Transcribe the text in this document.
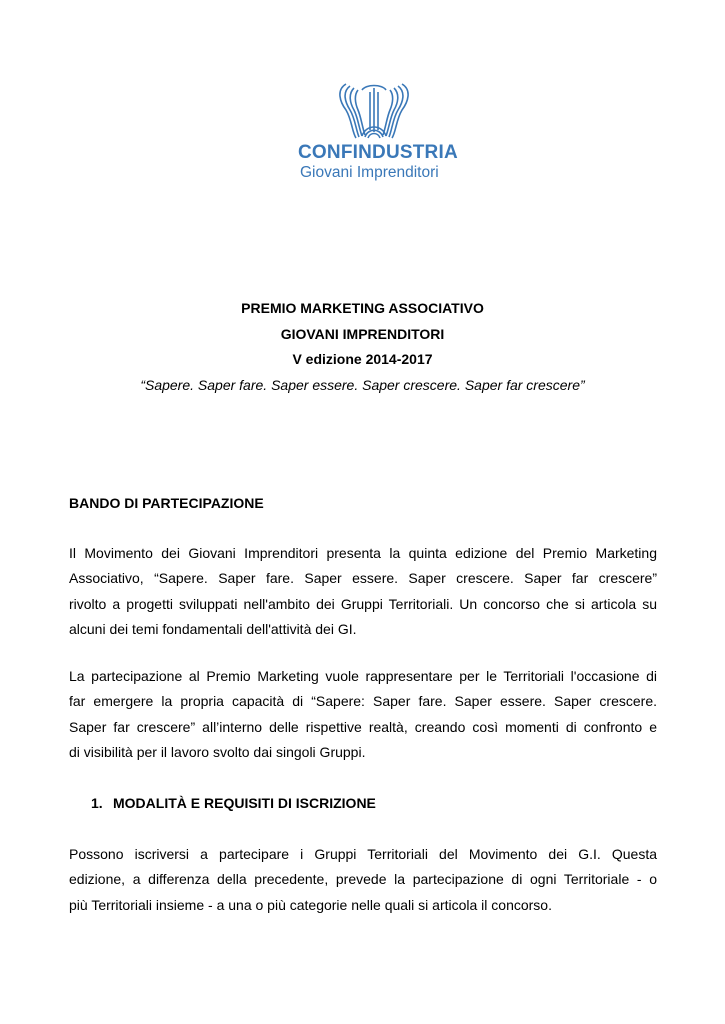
CONFINDUSTRIA
Giovani Imprenditori
PREMIO MARKETING ASSOCIATIVO
GIOVANI IMPRENDITORI
V edizione 2014-2017
“Sapere. Saper fare. Saper essere. Saper crescere. Saper far crescere”
BANDO DI PARTECIPAZIONE
Il Movimento dei Giovani Imprenditori presenta la quinta edizione del Premio Marketing
Associativo, “Sapere. Saper fare. Saper essere. Saper crescere. Saper far crescere”
rivolto a progetti sviluppati nell'ambito dei Gruppi Territoriali. Un concorso che si articola su
alcuni dei temi fondamentali dell'attività dei GI.
La partecipazione al Premio Marketing vuole rappresentare per le Territoriali l'occasione di
far emergere la propria capacità di “Sapere: Saper fare. Saper essere. Saper crescere.
Saper far crescere” all’interno delle rispettive realtà, creando così momenti di confronto e
di visibilità per il lavoro svolto dai singoli Gruppi.
1. MODALITÀ E REQUISITI DI ISCRIZIONE
Possono iscriversi a partecipare i Gruppi Territoriali del Movimento dei G.I. Questa
edizione, a differenza della precedente, prevede la partecipazione di ogni Territoriale - o
più Territoriali insieme - a una o più categorie nelle quali si articola il concorso.
